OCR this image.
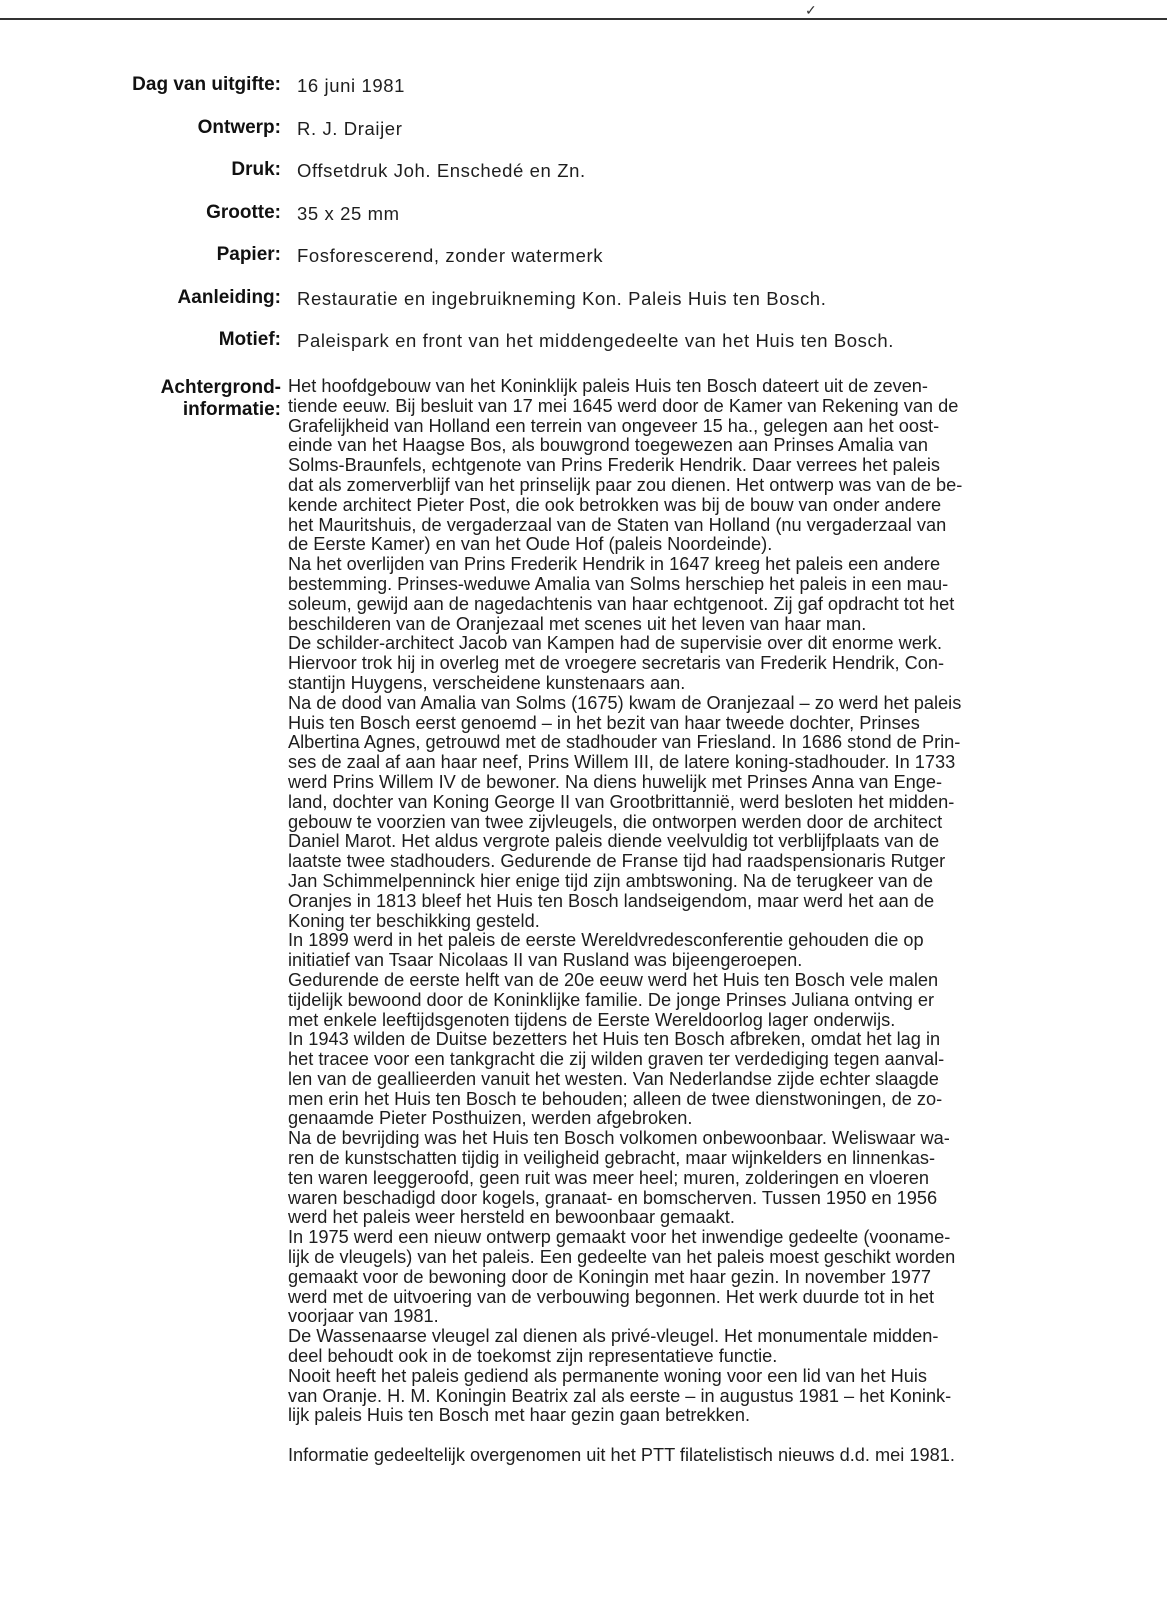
✓
Dag van uitgifte: 16 juni 1981
Ontwerp: R. J. Draijer
Druk: Offsetdruk Joh. Enschedé en Zn.
Grootte: 35 x 25 mm
Papier: Fosforescerend, zonder watermerk
Aanleiding: Restauratie en ingebruikneming Kon. Paleis Huis ten Bosch.
Motief: Paleispark en front van het middengedeelte van het Huis ten Bosch.
Achtergrond-
informatie:
Het hoofdgebouw van het Koninklijk paleis Huis ten Bosch dateert uit de zeven-
tiende eeuw. Bij besluit van 17 mei 1645 werd door de Kamer van Rekening van de
Grafelijkheid van Holland een terrein van ongeveer 15 ha., gelegen aan het oost-
einde van het Haagse Bos, als bouwgrond toegewezen aan Prinses Amalia van
Solms-Braunfels, echtgenote van Prins Frederik Hendrik. Daar verrees het paleis
dat als zomerverblijf van het prinselijk paar zou dienen. Het ontwerp was van de be-
kende architect Pieter Post, die ook betrokken was bij de bouw van onder andere
het Mauritshuis, de vergaderzaal van de Staten van Holland (nu vergaderzaal van
de Eerste Kamer) en van het Oude Hof (paleis Noordeinde).
Na het overlijden van Prins Frederik Hendrik in 1647 kreeg het paleis een andere
bestemming. Prinses-weduwe Amalia van Solms herschiep het paleis in een mau-
soleum, gewijd aan de nagedachtenis van haar echtgenoot. Zij gaf opdracht tot het
beschilderen van de Oranjezaal met scenes uit het leven van haar man.
De schilder-architect Jacob van Kampen had de supervisie over dit enorme werk.
Hiervoor trok hij in overleg met de vroegere secretaris van Frederik Hendrik, Con-
stantijn Huygens, verscheidene kunstenaars aan.
Na de dood van Amalia van Solms (1675) kwam de Oranjezaal – zo werd het paleis
Huis ten Bosch eerst genoemd – in het bezit van haar tweede dochter, Prinses
Albertina Agnes, getrouwd met de stadhouder van Friesland. In 1686 stond de Prin-
ses de zaal af aan haar neef, Prins Willem III, de latere koning-stadhouder. In 1733
werd Prins Willem IV de bewoner. Na diens huwelijk met Prinses Anna van Enge-
land, dochter van Koning George II van Grootbrittannië, werd besloten het midden-
gebouw te voorzien van twee zijvleugels, die ontworpen werden door de architect
Daniel Marot. Het aldus vergrote paleis diende veelvuldig tot verblijfplaats van de
laatste twee stadhouders. Gedurende de Franse tijd had raadspensionaris Rutger
Jan Schimmelpenninck hier enige tijd zijn ambtswoning. Na de terugkeer van de
Oranjes in 1813 bleef het Huis ten Bosch landseigendom, maar werd het aan de
Koning ter beschikking gesteld.
In 1899 werd in het paleis de eerste Wereldvredesconferentie gehouden die op
initiatief van Tsaar Nicolaas II van Rusland was bijeengeroepen.
Gedurende de eerste helft van de 20e eeuw werd het Huis ten Bosch vele malen
tijdelijk bewoond door de Koninklijke familie. De jonge Prinses Juliana ontving er
met enkele leeftijdsgenoten tijdens de Eerste Wereldoorlog lager onderwijs.
In 1943 wilden de Duitse bezetters het Huis ten Bosch afbreken, omdat het lag in
het tracee voor een tankgracht die zij wilden graven ter verdediging tegen aanval-
len van de geallieerden vanuit het westen. Van Nederlandse zijde echter slaagde
men erin het Huis ten Bosch te behouden; alleen de twee dienstwoningen, de zo-
genaamde Pieter Posthuizen, werden afgebroken.
Na de bevrijding was het Huis ten Bosch volkomen onbewoonbaar. Weliswaar wa-
ren de kunstschatten tijdig in veiligheid gebracht, maar wijnkelders en linnenkas-
ten waren leeggeroofd, geen ruit was meer heel; muren, zolderingen en vloeren
waren beschadigd door kogels, granaat- en bomscherven. Tussen 1950 en 1956
werd het paleis weer hersteld en bewoonbaar gemaakt.
In 1975 werd een nieuw ontwerp gemaakt voor het inwendige gedeelte (vooname-
lijk de vleugels) van het paleis. Een gedeelte van het paleis moest geschikt worden
gemaakt voor de bewoning door de Koningin met haar gezin. In november 1977
werd met de uitvoering van de verbouwing begonnen. Het werk duurde tot in het
voorjaar van 1981.
De Wassenaarse vleugel zal dienen als privé-vleugel. Het monumentale midden-
deel behoudt ook in de toekomst zijn representatieve functie.
Nooit heeft het paleis gediend als permanente woning voor een lid van het Huis
van Oranje. H. M. Koningin Beatrix zal als eerste – in augustus 1981 – het Konink-
lijk paleis Huis ten Bosch met haar gezin gaan betrekken.
Informatie gedeeltelijk overgenomen uit het PTT filatelistisch nieuws d.d. mei 1981.
